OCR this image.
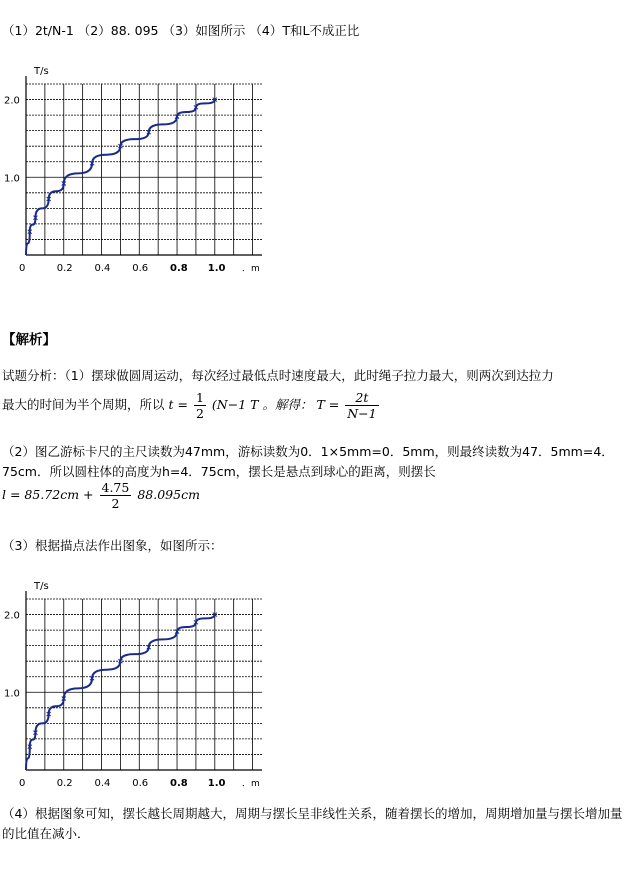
（1）2t/N-1 （2）88. 095 （3）如图所示 （4）T和L不成正比
T/s
．m
0	0.2 0.4 0.6 0.8 1.0
1.0
2.0
【解析】
试题分析：（1）摆球做圆周运动，每次经过最低点时速度最大，此时绳子拉力最大，则两次到达拉力
最大的时间为半个周期，所以 $t = \frac{1}{2} (N-1$ T 。解得： $T = \frac{2t}{N-1}$
（2）图乙游标卡尺的主尺读数为47mm，游标读数为0．1×5mm=0．5mm，则最终读数为47．5mm=4．75cm．所以圆柱体的高度为h=4．75cm，摆长是悬点到球心的距离，则摆长
$l = 85.72cm + \frac{4.75}{2} 88.095cm$
（3）根据描点法作出图象，如图所示：
T/s
．m
0	0.2 0.4 0.6 0.8 1.0
1.0
2.0
（4）根据图象可知，摆长越长周期越大，周期与摆长呈非线性关系，随着摆长的增加，周期增加量与摆长增加量的比值在减小．
